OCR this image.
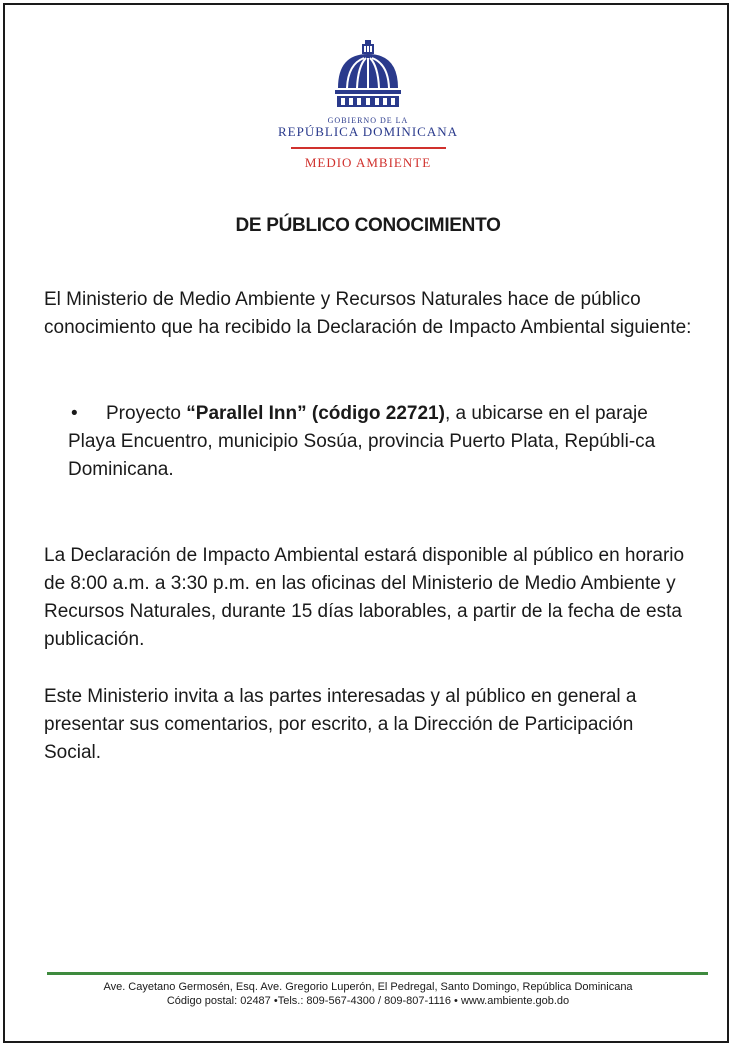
GOBIERNO DE LA
REPÚBLICA DOMINICANA
MEDIO AMBIENTE
DE PÚBLICO CONOCIMIENTO
El Ministerio de Medio Ambiente y Recursos Naturales hace de público conocimiento que ha recibido la Declaración de Impacto Ambiental siguiente:
•	Proyecto “Parallel Inn” (código 22721), a ubicarse en el paraje Playa Encuentro, municipio Sosúa, provincia Puerto Plata, Repúbli-ca Dominicana.
La Declaración de Impacto Ambiental estará disponible al público en horario de 8:00 a.m. a 3:30 p.m. en las oficinas del Ministerio de Medio Ambiente y Recursos Naturales, durante 15 días laborables, a partir de la fecha de esta publicación.
Este Ministerio invita a las partes interesadas y al público en general a presentar sus comentarios, por escrito, a la Dirección de Participación Social.
Ave. Cayetano Germosén, Esq. Ave. Gregorio Luperón, El Pedregal, Santo Domingo, República Dominicana
Código postal: 02487 •Tels.: 809-567-4300 / 809-807-1116 • www.ambiente.gob.do
